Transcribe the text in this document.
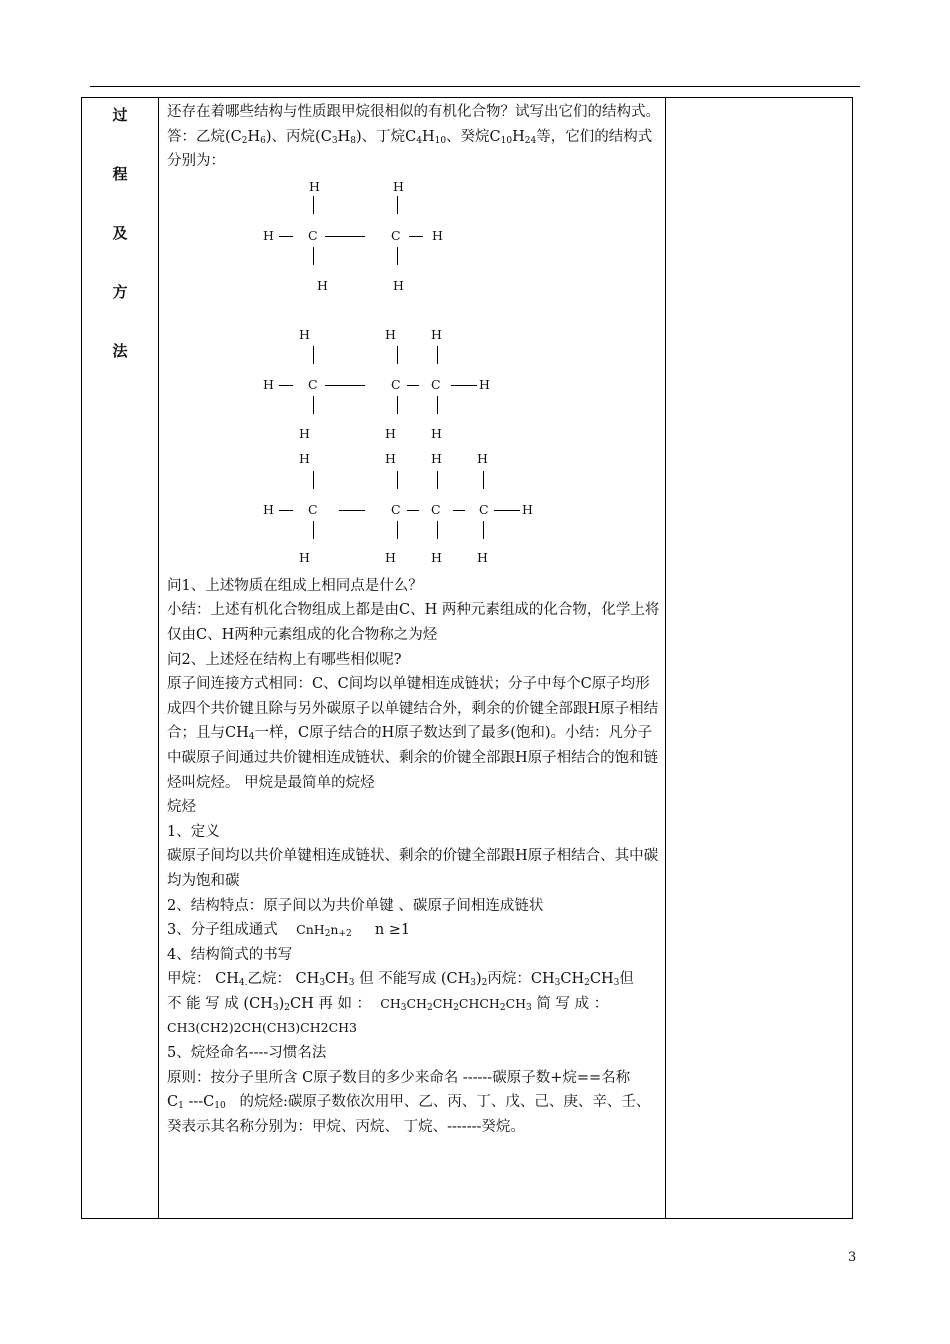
过
程
及
方
法

还存在着哪些结构与性质跟甲烷很相似的有机化合物？试写出它们的结构式。

答：乙烷$(C_2H_6)$、丙烷$(C_3H_8)$、丁烷$C_4H_{10}$、癸烷$C_{10}H_{24}$等，它们的结构式分别为：

H	H
H	C	C	H
H	H
H	H	H
H	C	C C	H
H	H	H
H	H	H	H
H	C	C C	C	H
H	H	H	H

问1、上述物质在组成上相同点是什么？

小结：上述有机化合物组成上都是由C、H 两种元素组成的化合物，化学上将仅由C、H两种元素组成的化合物称之为烃

问2、上述烃在结构上有哪些相似呢?

原子间连接方式相同：C、C间均以单键相连成链状；分子中每个C原子均形成四个共价键且除与另外碳原子以单键结合外，剩余的价键全部跟H原子相结合；且与$CH_4$一样，C原子结合的H原子数达到了最多(饱和)。小结：凡分子中碳原子间通过共价键相连成链状、剩余的价键全部跟H原子相结合的饱和链烃叫烷烃。 甲烷是最简单的烷烃

烷烃

1、定义

碳原子间均以共价单键相连成链状、剩余的价键全部跟H原子相结合、其中碳均为饱和碳

2、结构特点：原子间以为共价单键 、碳原子间相连成链状

3、分子组成通式 $CnH_2n_{+2}$ n ≥1

4、结构简式的书写

甲烷： $CH_{4.}$乙烷： $CH_3CH_3$ 但 不能写成 $(CH_3)_2$丙烷：$CH_3CH_2CH_3$但

不 能 写 成 $(CH_3)_2CH$ 再 如 ： $CH_3CH_2CH_2CHCH_2CH_3$ 简 写 成 ：

CH3(CH2)2CH(CH3)CH2CH3

5、烷烃命名----习惯名法

原则：按分子里所含 C原子数目的多少来命名 ------碳原子数+烷==名称

$C_1$ $---C_{10}$   的烷烃:碳原子数依次用甲、乙、丙、丁、戊、己、庚、辛、壬、癸表示其名称分别为：甲烷、丙烷、 丁烷、-------癸烷。

3
